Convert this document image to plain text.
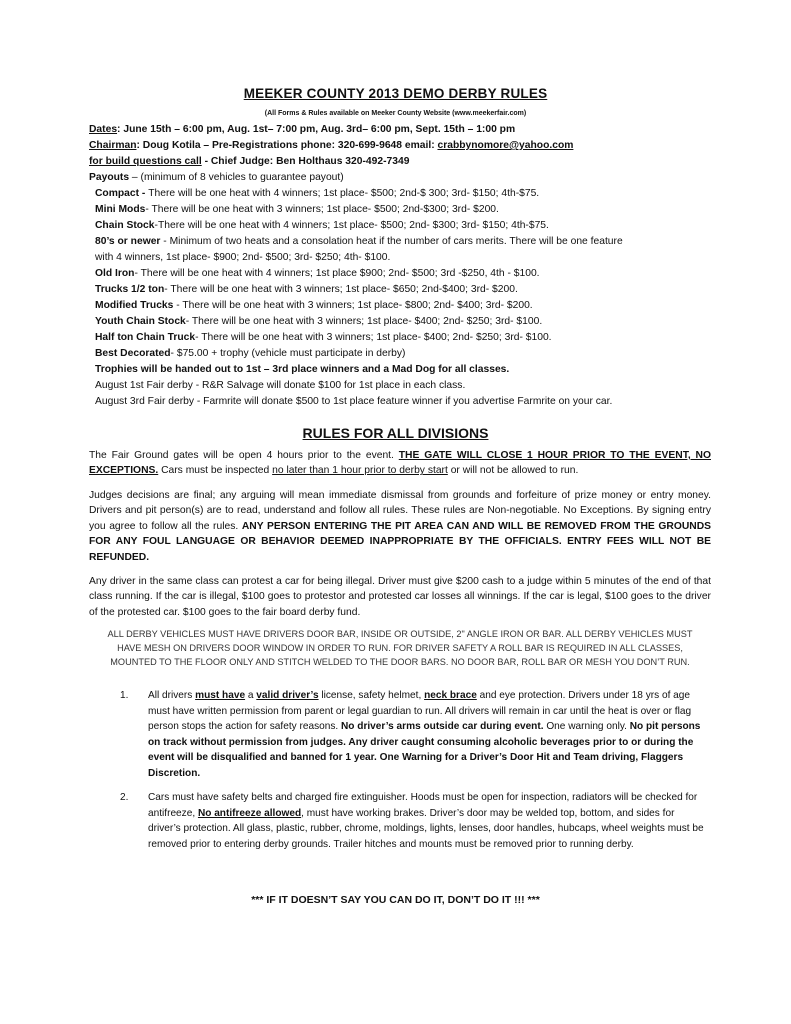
MEEKER COUNTY 2013 DEMO DERBY RULES
(All Forms & Rules available on Meeker County Website (www.meekerfair.com)
Dates: June 15th – 6:00 pm, Aug. 1st– 7:00 pm, Aug. 3rd– 6:00 pm, Sept. 15th – 1:00 pm
Chairman: Doug Kotila – Pre-Registrations phone: 320-699-9648 email: crabbynomore@yahoo.com
for build questions call - Chief Judge: Ben Holthaus 320-492-7349
Payouts – (minimum of 8 vehicles to guarantee payout)
Compact - There will be one heat with 4 winners; 1st place- $500; 2nd-$ 300; 3rd- $150; 4th-$75.
Mini Mods- There will be one heat with 3 winners; 1st place- $500; 2nd-$300; 3rd- $200.
Chain Stock-There will be one heat with 4 winners; 1st place- $500; 2nd- $300; 3rd- $150; 4th-$75.
80’s or newer - Minimum of two heats and a consolation heat if the number of cars merits. There will be one feature
with 4 winners, 1st place- $900; 2nd- $500; 3rd- $250; 4th- $100.
Old Iron- There will be one heat with 4 winners; 1st place $900; 2nd- $500; 3rd -$250, 4th - $100.
Trucks 1/2 ton- There will be one heat with 3 winners; 1st place- $650; 2nd-$400; 3rd- $200.
Modified Trucks - There will be one heat with 3 winners; 1st place- $800; 2nd- $400; 3rd- $200.
Youth Chain Stock- There will be one heat with 3 winners; 1st place- $400; 2nd- $250; 3rd- $100.
Half ton Chain Truck- There will be one heat with 3 winners; 1st place- $400; 2nd- $250; 3rd- $100.
Best Decorated- $75.00 + trophy (vehicle must participate in derby)
Trophies will be handed out to 1st – 3rd place winners and a Mad Dog for all classes.
August 1st Fair derby - R&R Salvage will donate $100 for 1st place in each class.
August 3rd Fair derby - Farmrite will donate $500 to 1st place feature winner if you advertise Farmrite on your car.
RULES FOR ALL DIVISIONS
The Fair Ground gates will be open 4 hours prior to the event. THE GATE WILL CLOSE 1 HOUR PRIOR TO THE EVENT, NO EXCEPTIONS. Cars must be inspected no later than 1 hour prior to derby start or will not be allowed to run.
Judges decisions are final; any arguing will mean immediate dismissal from grounds and forfeiture of prize money or entry money. Drivers and pit person(s) are to read, understand and follow all rules. These rules are Non-negotiable. No Exceptions. By signing entry you agree to follow all the rules. ANY PERSON ENTERING THE PIT AREA CAN AND WILL BE REMOVED FROM THE GROUNDS FOR ANY FOUL LANGUAGE OR BEHAVIOR DEEMED INAPPROPRIATE BY THE OFFICIALS. ENTRY FEES WILL NOT BE REFUNDED.
Any driver in the same class can protest a car for being illegal. Driver must give $200 cash to a judge within 5 minutes of the end of that class running. If the car is illegal, $100 goes to protestor and protested car losses all winnings. If the car is legal, $100 goes to the driver of the protested car. $100 goes to the fair board derby fund.
ALL DERBY VEHICLES MUST HAVE DRIVERS DOOR BAR, INSIDE OR OUTSIDE, 2" ANGLE IRON OR BAR. ALL DERBY VEHICLES MUST HAVE MESH ON DRIVERS DOOR WINDOW IN ORDER TO RUN. FOR DRIVER SAFETY A ROLL BAR IS REQUIRED IN ALL CLASSES, MOUNTED TO THE FLOOR ONLY AND STITCH WELDED TO THE DOOR BARS. NO DOOR BAR, ROLL BAR OR MESH YOU DON’T RUN.
1. All drivers must have a valid driver’s license, safety helmet, neck brace and eye protection. Drivers under 18 yrs of age must have written permission from parent or legal guardian to run. All drivers will remain in car until the heat is over or flag person stops the action for safety reasons. No driver’s arms outside car during event. One warning only. No pit persons on track without permission from judges. Any driver caught consuming alcoholic beverages prior to or during the event will be disqualified and banned for 1 year. One Warning for a Driver’s Door Hit and Team driving, Flaggers Discretion.
2. Cars must have safety belts and charged fire extinguisher. Hoods must be open for inspection, radiators will be checked for antifreeze, No antifreeze allowed, must have working brakes. Driver’s door may be welded top, bottom, and sides for driver’s protection. All glass, plastic, rubber, chrome, moldings, lights, lenses, door handles, hubcaps, wheel weights must be removed prior to entering derby grounds. Trailer hitches and mounts must be removed prior to running derby.
*** IF IT DOESN’T SAY YOU CAN DO IT, DON’T DO IT !!! ***
